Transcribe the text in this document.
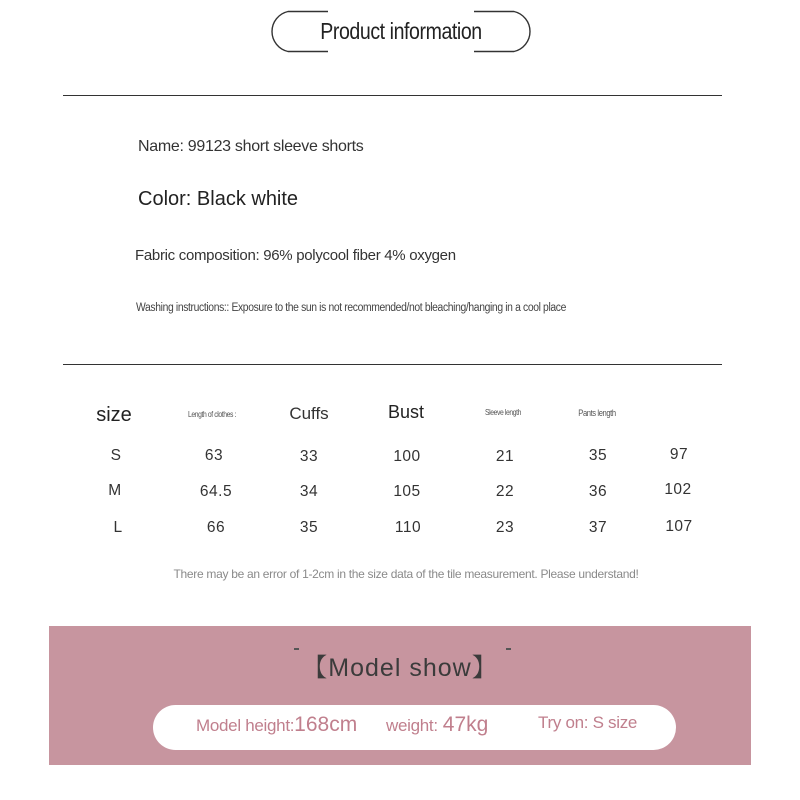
Product information
Name: 99123 short sleeve shorts
Color: Black white
Fabric composition: 96% polycool fiber 4% oxygen
Washing instructions:: Exposure to the sun is not recommended/not bleaching/hanging in a cool place
size	Length of clothes :	Cuffs	Bust	Sleeve length	Pants length
S	63	33	100	21	35	97
M	64.5	34	105	22	36	102
L	66	35	110	23	37	107
There may be an error of 1-2cm in the size data of the tile measurement. Please understand!
【Model show】
Model height: 168cm weight: 47kg	Try on: S size
